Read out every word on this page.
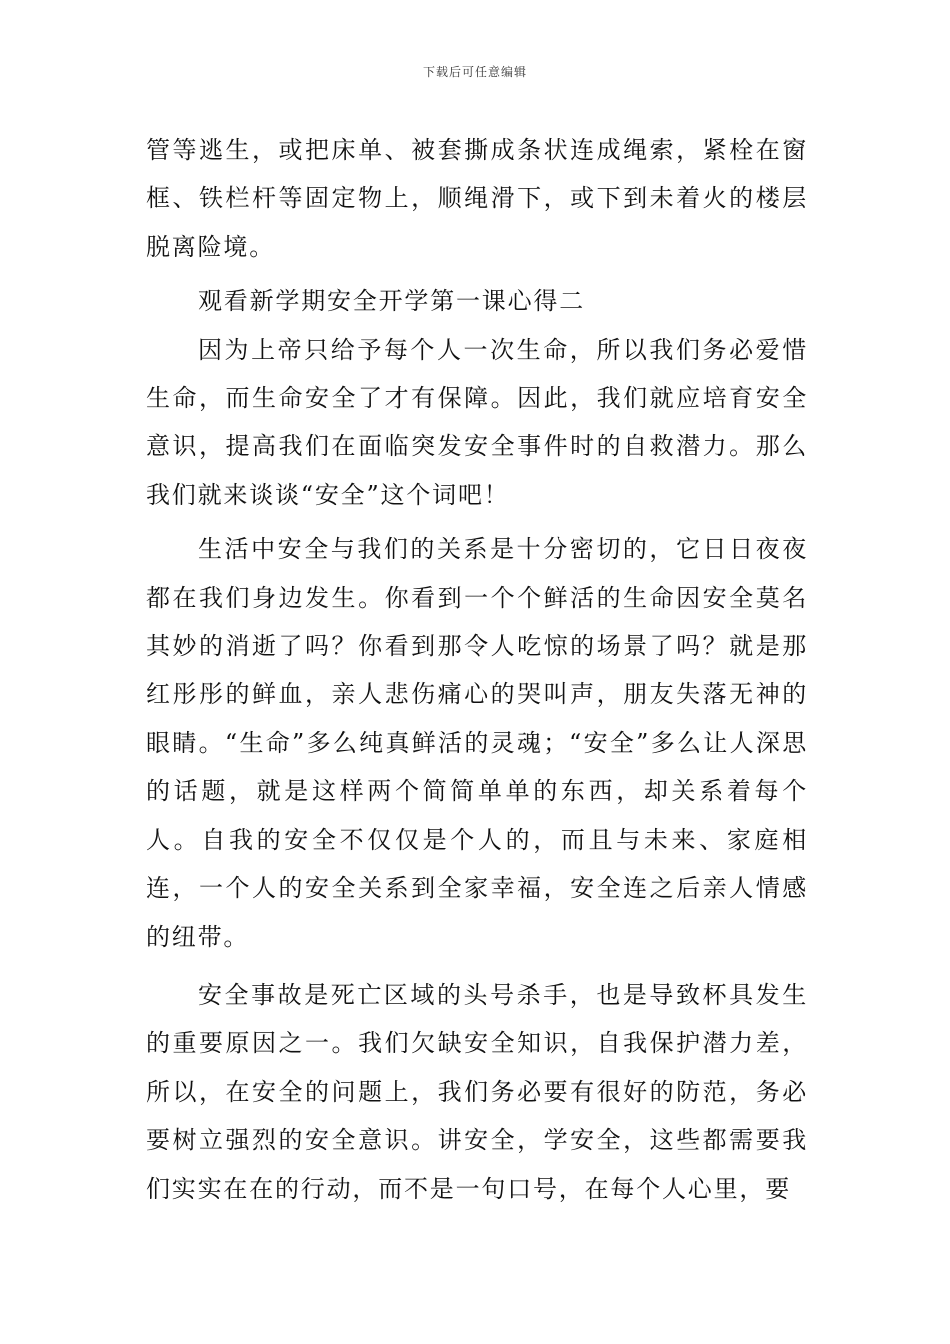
下载后可任意编辑

管等逃生，或把床单、被套撕成条状连成绳索，紧栓在窗框、铁栏杆等固定物上，顺绳滑下，或下到未着火的楼层脱离险境。

观看新学期安全开学第一课心得二

因为上帝只给予每个人一次生命，所以我们务必爱惜生命，而生命安全了才有保障。因此，我们就应培育安全意识，提高我们在面临突发安全事件时的自救潜力。那么我们就来谈谈“安全”这个词吧！

生活中安全与我们的关系是十分密切的，它日日夜夜都在我们身边发生。你看到一个个鲜活的生命因安全莫名其妙的消逝了吗？你看到那令人吃惊的场景了吗？就是那红彤彤的鲜血，亲人悲伤痛心的哭叫声，朋友失落无神的眼睛。“生命”多么纯真鲜活的灵魂；“安全”多么让人深思的话题，就是这样两个简简单单的东西，却关系着每个人。自我的安全不仅仅是个人的，而且与未来、家庭相连，一个人的安全关系到全家幸福，安全连之后亲人情感的纽带。

安全事故是死亡区域的头号杀手，也是导致杯具发生的重要原因之一。我们欠缺安全知识，自我保护潜力差，所以，在安全的问题上，我们务必要有很好的防范，务必要树立强烈的安全意识。讲安全，学安全，这些都需要我们实实在在的行动，而不是一句口号，在每个人心里，要
